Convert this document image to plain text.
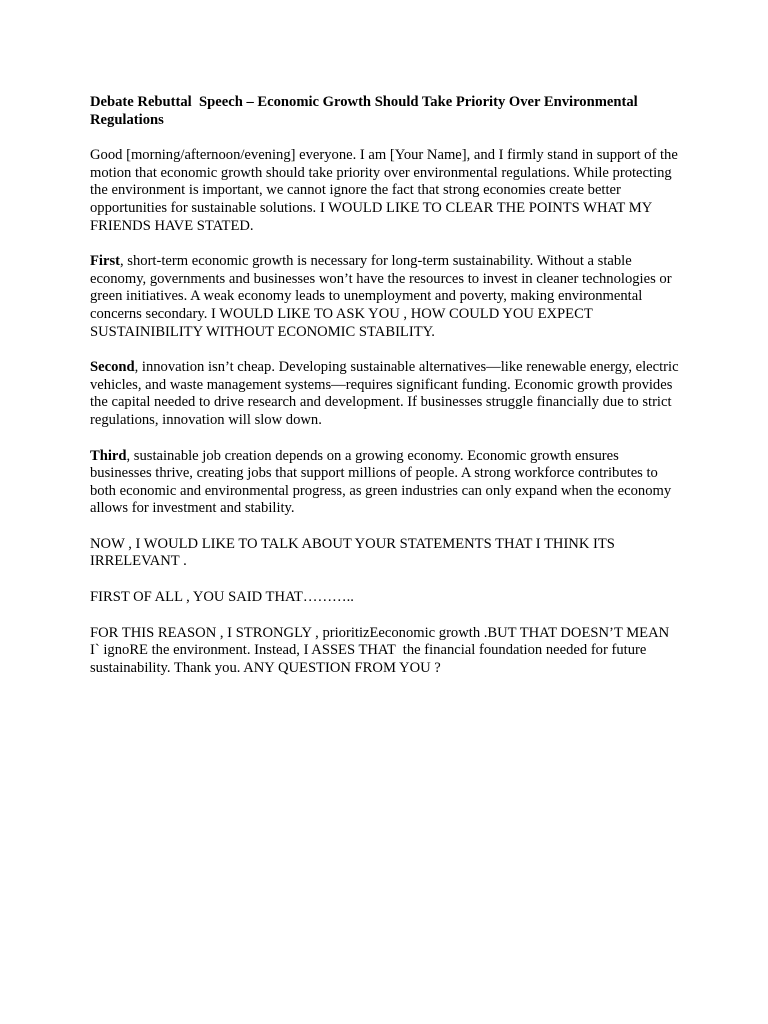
Debate Rebuttal  Speech – Economic Growth Should Take Priority Over Environmental Regulations

Good [morning/afternoon/evening] everyone. I am [Your Name], and I firmly stand in support of the motion that economic growth should take priority over environmental regulations. While protecting the environment is important, we cannot ignore the fact that strong economies create better opportunities for sustainable solutions. I WOULD LIKE TO CLEAR THE POINTS WHAT MY FRIENDS HAVE STATED.

First, short-term economic growth is necessary for long-term sustainability. Without a stable economy, governments and businesses won’t have the resources to invest in cleaner technologies or green initiatives. A weak economy leads to unemployment and poverty, making environmental concerns secondary. I WOULD LIKE TO ASK YOU , HOW COULD YOU EXPECT SUSTAINIBILITY WITHOUT ECONOMIC STABILITY.

Second, innovation isn’t cheap. Developing sustainable alternatives—like renewable energy, electric vehicles, and waste management systems—requires significant funding. Economic growth provides the capital needed to drive research and development. If businesses struggle financially due to strict regulations, innovation will slow down.

Third, sustainable job creation depends on a growing economy. Economic growth ensures businesses thrive, creating jobs that support millions of people. A strong workforce contributes to both economic and environmental progress, as green industries can only expand when the economy allows for investment and stability.

NOW , I WOULD LIKE TO TALK ABOUT YOUR STATEMENTS THAT I THINK ITS IRRELEVANT .

FIRST OF ALL , YOU SAID THAT………..

FOR THIS REASON , I STRONGLY , prioritizEeconomic growth .BUT THAT DOESN’T MEAN I` ignoRE the environment. Instead, I ASSES THAT  the financial foundation needed for future sustainability. Thank you. ANY QUESTION FROM YOU ?
